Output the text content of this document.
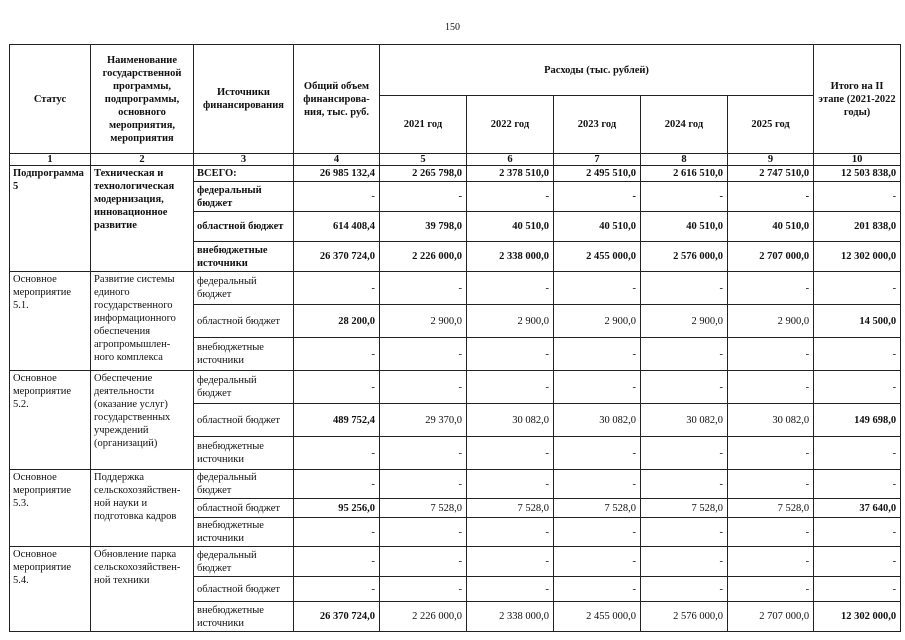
150
Статус	Наименование государственной программы, подпрограммы, основного мероприятия, мероприятия	Источники финансирования	Общий объем финансирова-ния, тыс. руб.	Расходы (тыс. рублей)					Итого на II этапе (2021-2022 годы)
				2021 год	2022 год	2023 год	2024 год	2025 год	
1	2	3	4	5	6	7	8	9	10
Подпрограмма 5	Техническая и технологическая модернизация, инновационное развитие	ВСЕГО:	26 985 132,4	2 265 798,0	2 378 510,0	2 495 510,0	2 616 510,0	2 747 510,0	12 503 838,0
		федеральный бюджет	-	-	-	-	-	-	-
		областной бюджет	614 408,4	39 798,0	40 510,0	40 510,0	40 510,0	40 510,0	201 838,0
		внебюджетные источники	26 370 724,0	2 226 000,0	2 338 000,0	2 455 000,0	2 576 000,0	2 707 000,0	12 302 000,0
Основное мероприятие 5.1.	Развитие системы единого государственного информационного обеспечения агропромышлен-ного комплекса	федеральный бюджет	-	-	-	-	-	-	-
		областной бюджет	28 200,0	2 900,0	2 900,0	2 900,0	2 900,0	2 900,0	14 500,0
		внебюджетные источники	-	-	-	-	-	-	-
Основное мероприятие 5.2.	Обеспечение деятельности (оказание услуг) государственных учреждений (организаций)	федеральный бюджет	-	-	-	-	-	-	-
		областной бюджет	489 752,4	29 370,0	30 082,0	30 082,0	30 082,0	30 082,0	149 698,0
		внебюджетные источники	-	-	-	-	-	-	-
Основное мероприятие 5.3.	Поддержка сельскохозяйствен-ной науки и подготовка кадров	федеральный бюджет	-	-	-	-	-	-	-
		областной бюджет	95 256,0	7 528,0	7 528,0	7 528,0	7 528,0	7 528,0	37 640,0
		внебюджетные источники	-	-	-	-	-	-	-
Основное мероприятие 5.4.	Обновление парка сельскохозяйствен-ной техники	федеральный бюджет	-	-	-	-	-	-	-
		областной бюджет	-	-	-	-	-	-	-
		внебюджетные источники	26 370 724,0	2 226 000,0	2 338 000,0	2 455 000,0	2 576 000,0	2 707 000,0	12 302 000,0
